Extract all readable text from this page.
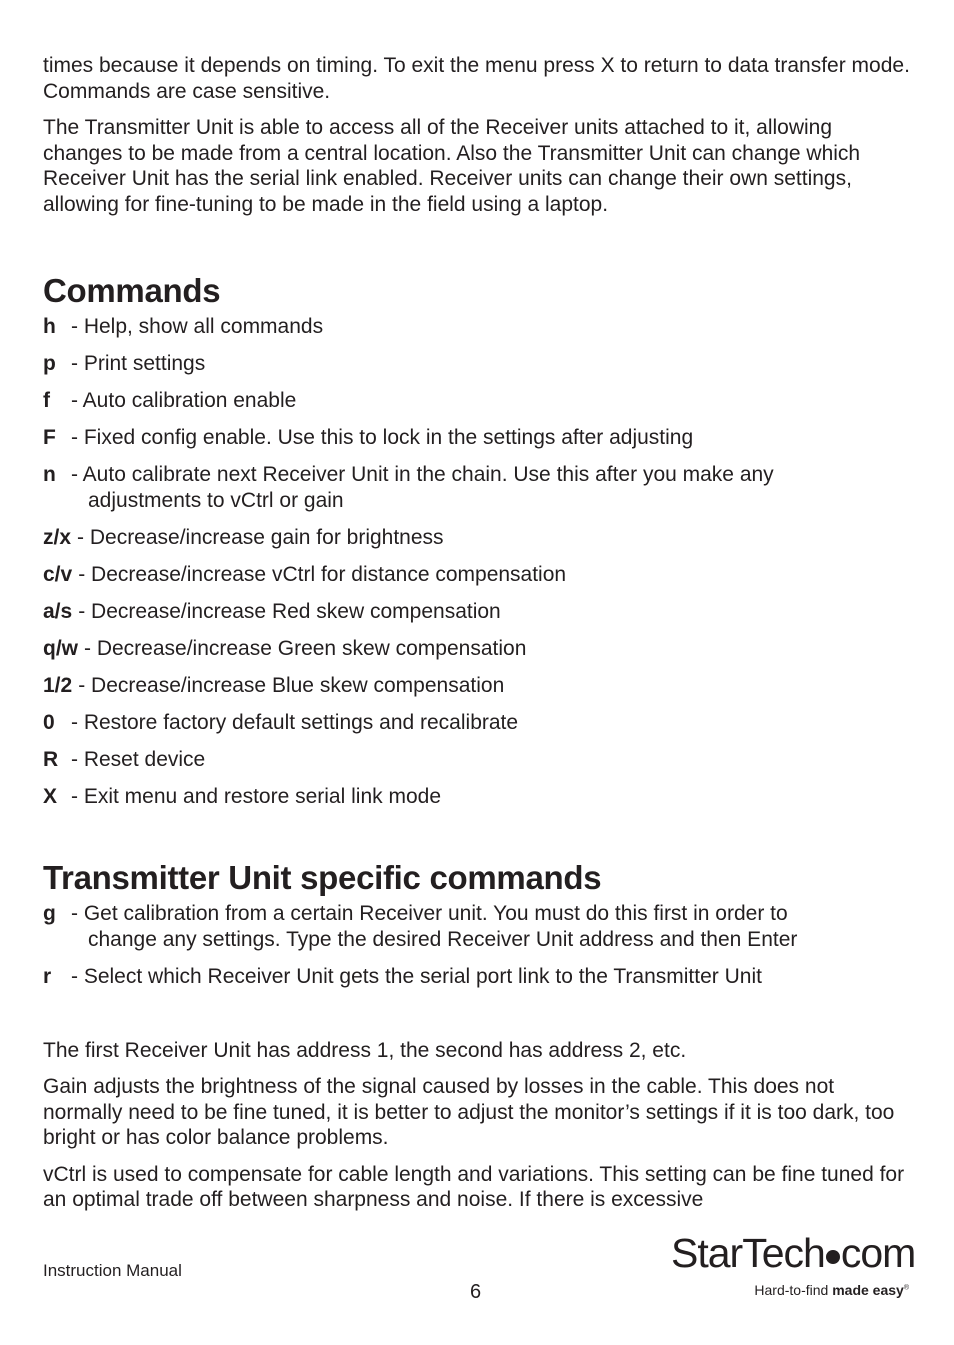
times because it depends on timing. To exit the menu press X to return to data transfer mode. Commands are case sensitive.

The Transmitter Unit is able to access all of the Receiver units attached to it, allowing changes to be made from a central location. Also the Transmitter Unit can change which Receiver Unit has the serial link enabled. Receiver units can change their own settings, allowing for fine-tuning to be made in the field using a laptop.

Commands
h - Help, show all commands
p - Print settings
f	- Auto calibration enable
F - Fixed config enable. Use this to lock in the settings after adjusting
n - Auto calibrate next Receiver Unit in the chain. Use this after you make any
adjustments to vCtrl or gain
z/x - Decrease/increase gain for brightness
c/v - Decrease/increase vCtrl for distance compensation
a/s - Decrease/increase Red skew compensation
q/w - Decrease/increase Green skew compensation
1/2 - Decrease/increase Blue skew compensation
0 - Restore factory default settings and recalibrate
R - Reset device
X - Exit menu and restore serial link mode
Transmitter Unit specific commands
g - Get calibration from a certain Receiver unit. You must do this first in order to
change any settings. Type the desired Receiver Unit address and then Enter
r - Select which Receiver Unit gets the serial port link to the Transmitter Unit

The first Receiver Unit has address 1, the second has address 2, etc.

Gain adjusts the brightness of the signal caused by losses in the cable. This does not normally need to be fine tuned, it is better to adjust the monitor’s settings if it is too dark, too bright or has color balance problems.

vCtrl is used to compensate for cable length and variations. This setting can be fine tuned for an optimal trade off between sharpness and noise. If there is excessive

Instruction Manual
6
StarTech com
Hard-to-find made easy®
